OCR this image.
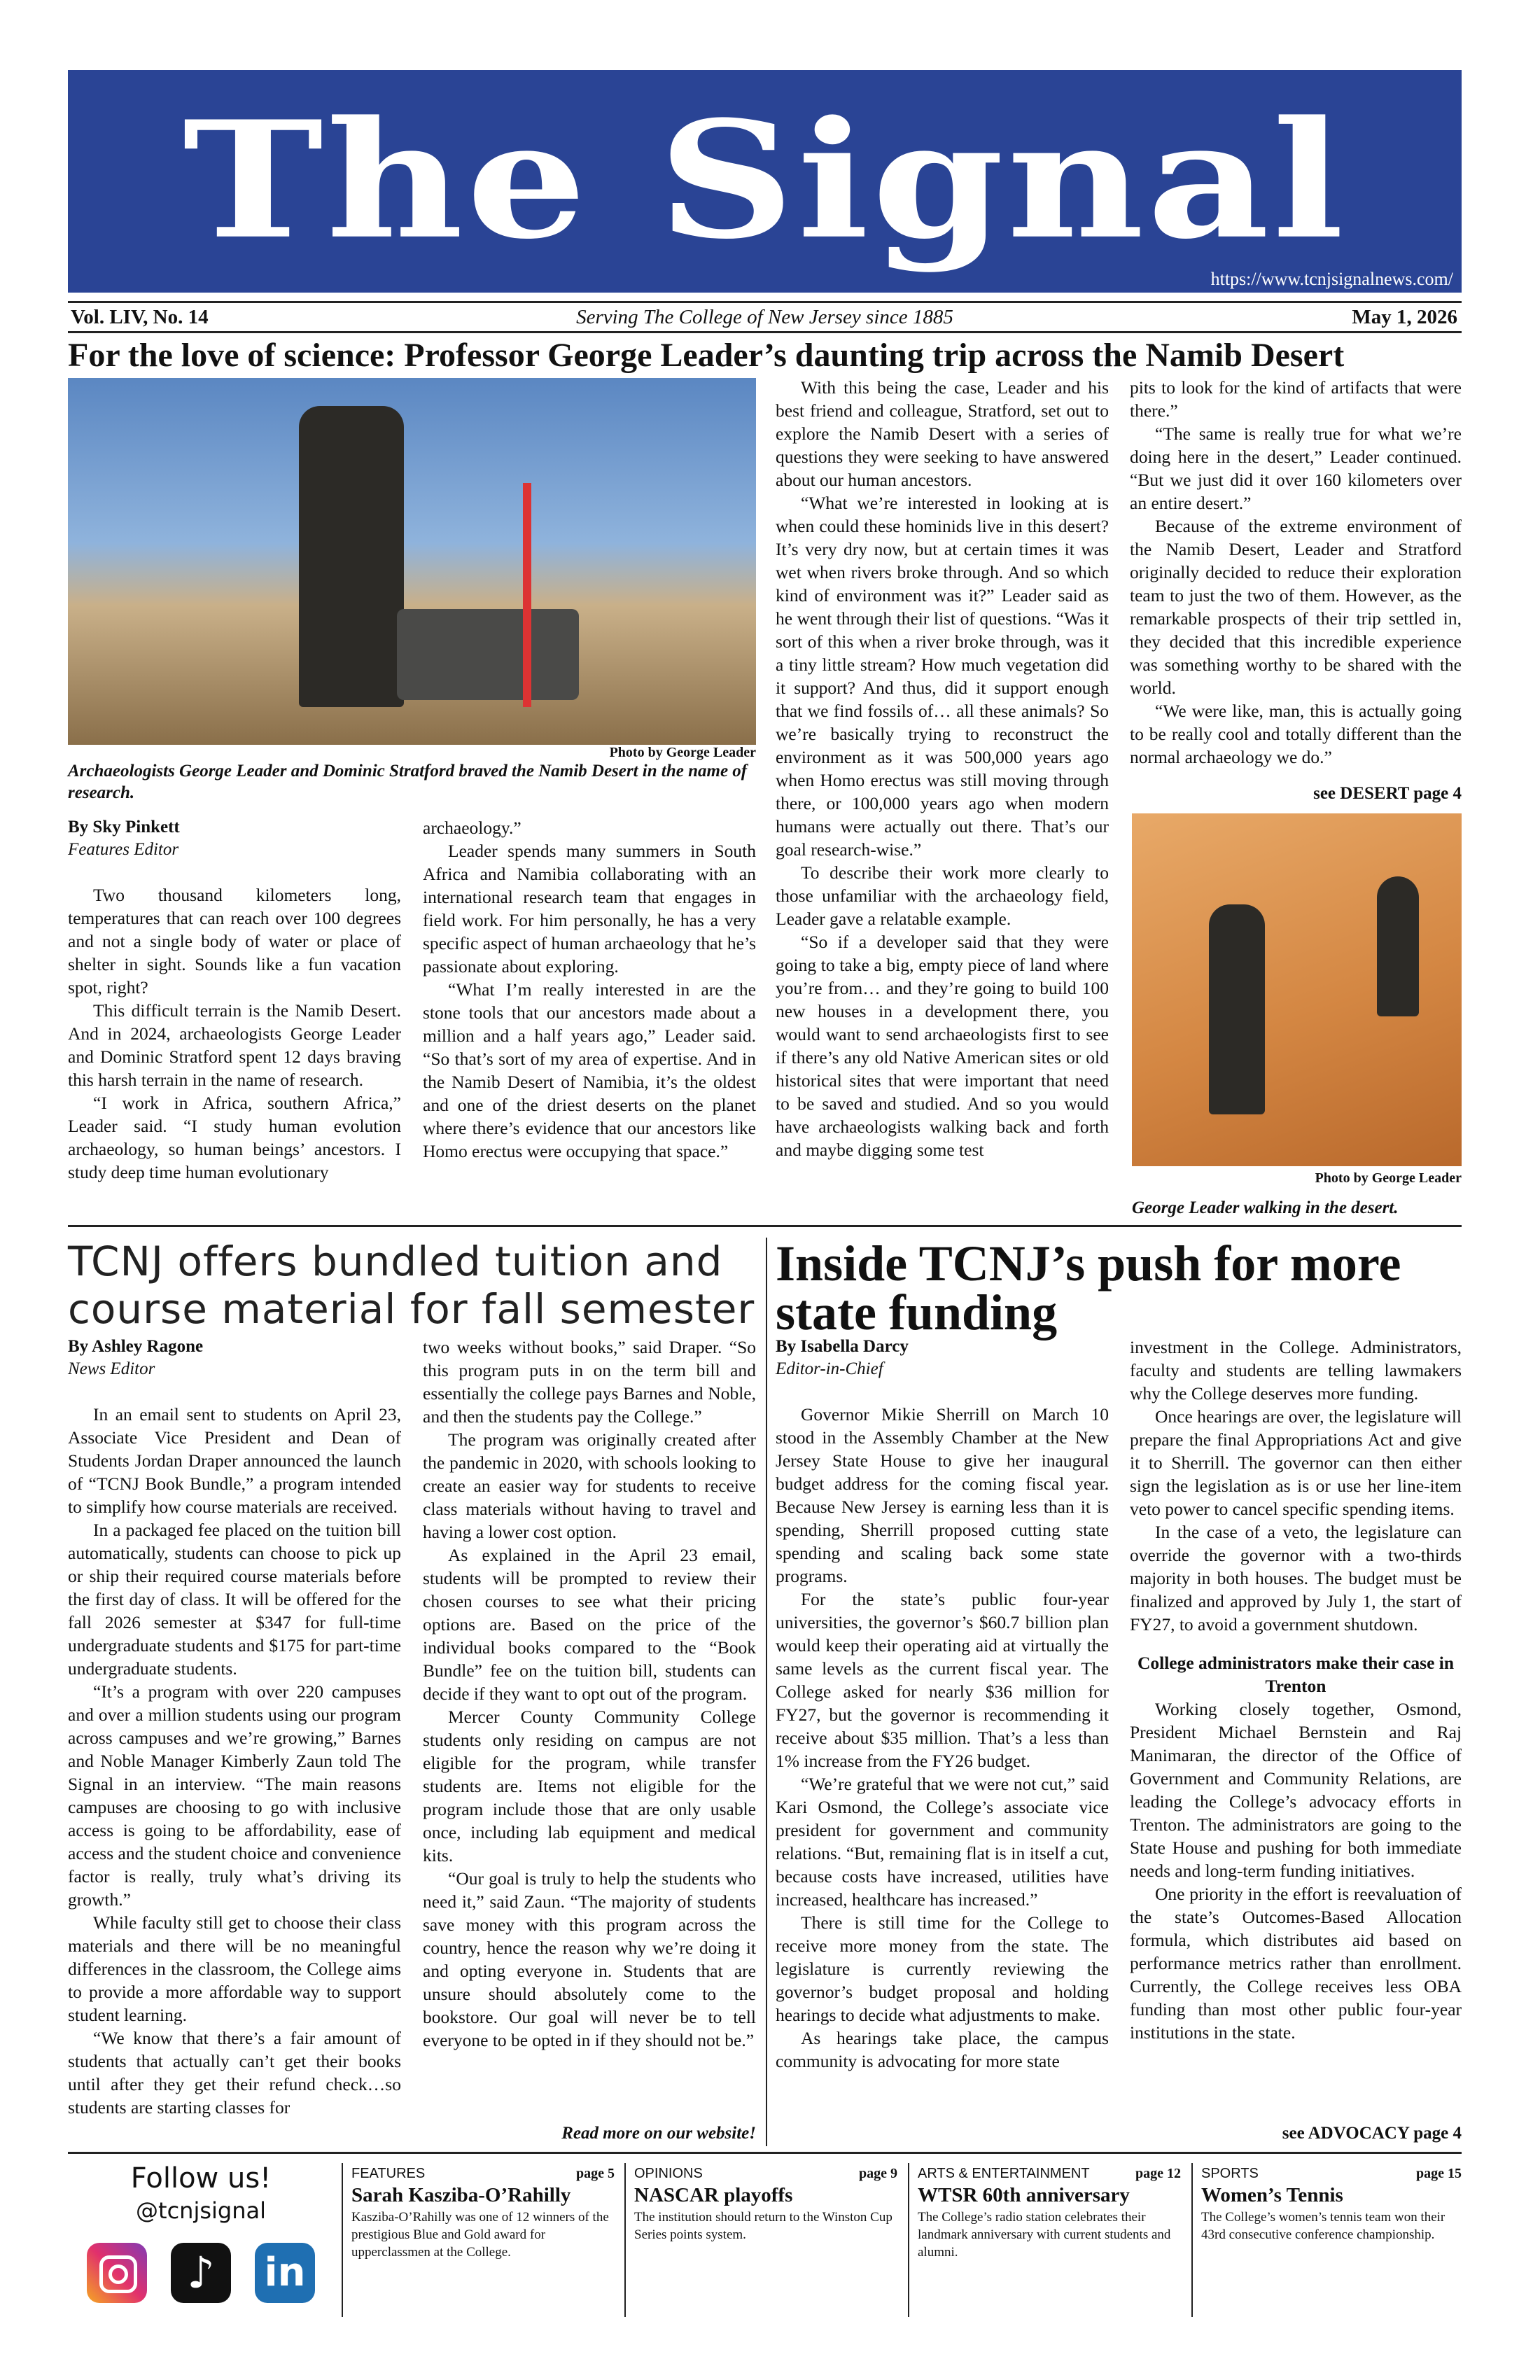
The Signal
https://www.tcnjsignalnews.com/
Vol. LIV, No. 14	Serving The College of New Jersey since 1885	May 1, 2026
For the love of science: Professor George Leader’s daunting trip across the Namib Desert
Photo by George Leader
Archaeologists George Leader and Dominic Stratford braved the Namib Desert in the name of research.
By Sky Pinkett
Features Editor

Two thousand kilometers long, temperatures that can reach over 100 degrees and not a single body of water or place of shelter in sight. Sounds like a fun vacation spot, right?

This difficult terrain is the Namib Desert. And in 2024, archaeologists George Leader and Dominic Stratford spent 12 days braving this harsh terrain in the name of research.

“I work in Africa, southern Africa,” Leader said. “I study human evolution archaeology, so human beings’ ancestors. I study deep time human evolutionary

archaeology.”

Leader spends many summers in South Africa and Namibia collaborating with an international research team that engages in field work. For him personally, he has a very specific aspect of human archaeology that he’s passionate about exploring.

“What I’m really interested in are the stone tools that our ancestors made about a million and a half years ago,” Leader said. “So that’s sort of my area of expertise. And in the Namib Desert of Namibia, it’s the oldest and one of the driest deserts on the planet where there’s evidence that our ancestors like Homo erectus were occupying that space.”

With this being the case, Leader and his best friend and colleague, Stratford, set out to explore the Namib Desert with a series of questions they were seeking to have answered about our human ancestors.

“What we’re interested in looking at is when could these hominids live in this desert? It’s very dry now, but at certain times it was wet when rivers broke through. And so which kind of environment was it?” Leader said as he went through their list of questions. “Was it sort of this when a river broke through, was it a tiny little stream? How much vegetation did it support? And thus, did it support enough that we find fossils of… all these animals? So we’re basically trying to reconstruct the environment as it was 500,000 years ago when Homo erectus was still moving through there, or 100,000 years ago when modern humans were actually out there. That’s our goal research-wise.”

To describe their work more clearly to those unfamiliar with the archaeology field, Leader gave a relatable example.

“So if a developer said that they were going to take a big, empty piece of land where you’re from… and they’re going to build 100 new houses in a development there, you would want to send archaeologists first to see if there’s any old Native American sites or old historical sites that were important that need to be saved and studied. And so you would have archaeologists walking back and forth and maybe digging some test

pits to look for the kind of artifacts that were there.”

“The same is really true for what we’re doing here in the desert,” Leader continued. “But we just did it over 160 kilometers over an entire desert.”

Because of the extreme environment of the Namib Desert, Leader and Stratford originally decided to reduce their exploration team to just the two of them. However, as the remarkable prospects of their trip settled in, they decided that this incredible experience was something worthy to be shared with the world.

“We were like, man, this is actually going to be really cool and totally different than the normal archaeology we do.”

see DESERT page 4
Photo by George Leader
George Leader walking in the desert.
TCNJ offers bundled tuition and course material for fall semester
By Ashley Ragone
News Editor

In an email sent to students on April 23, Associate Vice President and Dean of Students Jordan Draper announced the launch of “TCNJ Book Bundle,” a program intended to simplify how course materials are received.

In a packaged fee placed on the tuition bill automatically, students can choose to pick up or ship their required course materials before the first day of class. It will be offered for the fall 2026 semester at $347 for full-time undergraduate students and $175 for part-time undergraduate students.

“It’s a program with over 220 campuses and over a million students using our program across campuses and we’re growing,” Barnes and Noble Manager Kimberly Zaun told The Signal in an interview. “The main reasons campuses are choosing to go with inclusive access is going to be affordability, ease of access and the student choice and convenience factor is really, truly what’s driving its growth.”

While faculty still get to choose their class materials and there will be no meaningful differences in the classroom, the College aims to provide a more affordable way to support student learning.

“We know that there’s a fair amount of students that actually can’t get their books until after they get their refund check…so students are starting classes for

two weeks without books,” said Draper. “So this program puts in on the term bill and essentially the college pays Barnes and Noble, and then the students pay the College.”

The program was originally created after the pandemic in 2020, with schools looking to create an easier way for students to receive class materials without having to travel and having a lower cost option.

As explained in the April 23 email, students will be prompted to review their chosen courses to see what their pricing options are. Based on the price of the individual books compared to the “Book Bundle” fee on the tuition bill, students can decide if they want to opt out of the program.

Mercer County Community College students only residing on campus are not eligible for the program, while transfer students are. Items not eligible for the program include those that are only usable once, including lab equipment and medical kits.

“Our goal is truly to help the students who need it,” said Zaun. “The majority of students save money with this program across the country, hence the reason why we’re doing it and opting everyone in. Students that are unsure should absolutely come to the bookstore. Our goal will never be to tell everyone to be opted in if they should not be.”

Read more on our website!
Inside TCNJ’s push for more state funding
By Isabella Darcy
Editor-in-Chief

Governor Mikie Sherrill on March 10 stood in the Assembly Chamber at the New Jersey State House to give her inaugural budget address for the coming fiscal year. Because New Jersey is earning less than it is spending, Sherrill proposed cutting state spending and scaling back some state programs.

For the state’s public four-year universities, the governor’s $60.7 billion plan would keep their operating aid at virtually the same levels as the current fiscal year. The College asked for nearly $36 million for FY27, but the governor is recommending it receive about $35 million. That’s a less than 1% increase from the FY26 budget.

“We’re grateful that we were not cut,” said Kari Osmond, the College’s associate vice president for government and community relations. “But, remaining flat is in itself a cut, because costs have increased, utilities have increased, healthcare has increased.”

There is still time for the College to receive more money from the state. The legislature is currently reviewing the governor’s budget proposal and holding hearings to decide what adjustments to make.

As hearings take place, the campus community is advocating for more state

investment in the College. Administrators, faculty and students are telling lawmakers why the College deserves more funding.

Once hearings are over, the legislature will prepare the final Appropriations Act and give it to Sherrill. The governor can then either sign the legislation as is or use her line-item veto power to cancel specific spending items.

In the case of a veto, the legislature can override the governor with a two-thirds majority in both houses. The budget must be finalized and approved by July 1, the start of FY27, to avoid a government shutdown.

College administrators make their case in Trenton

Working closely together, Osmond, President Michael Bernstein and Raj Manimaran, the director of the Office of Government and Community Relations, are leading the College’s advocacy efforts in Trenton. The administrators are going to the State House and pushing for both immediate needs and long-term funding initiatives.

One priority in the effort is reevaluation of the state’s Outcomes-Based Allocation formula, which distributes aid based on performance metrics rather than enrollment. Currently, the College receives less OBA funding than most other public four-year institutions in the state.

see ADVOCACY page 4
Follow us!
@tcnjsignal
♪	in
FEATURES	page 5
Sarah Kasziba-O’Rahilly
Kasziba-O’Rahilly was one of 12 winners of the prestigious Blue and Gold award for upperclassmen at the College.
OPINIONS	page 9
NASCAR playoffs
The institution should return to the Winston Cup Series points system.
ARTS & ENTERTAINMENT	page 12
WTSR 60th anniversary
The College’s radio station celebrates their landmark anniversary with current students and alumni.
SPORTS	page 15
Women’s Tennis
The College’s women’s tennis team won their 43rd consecutive conference championship.
